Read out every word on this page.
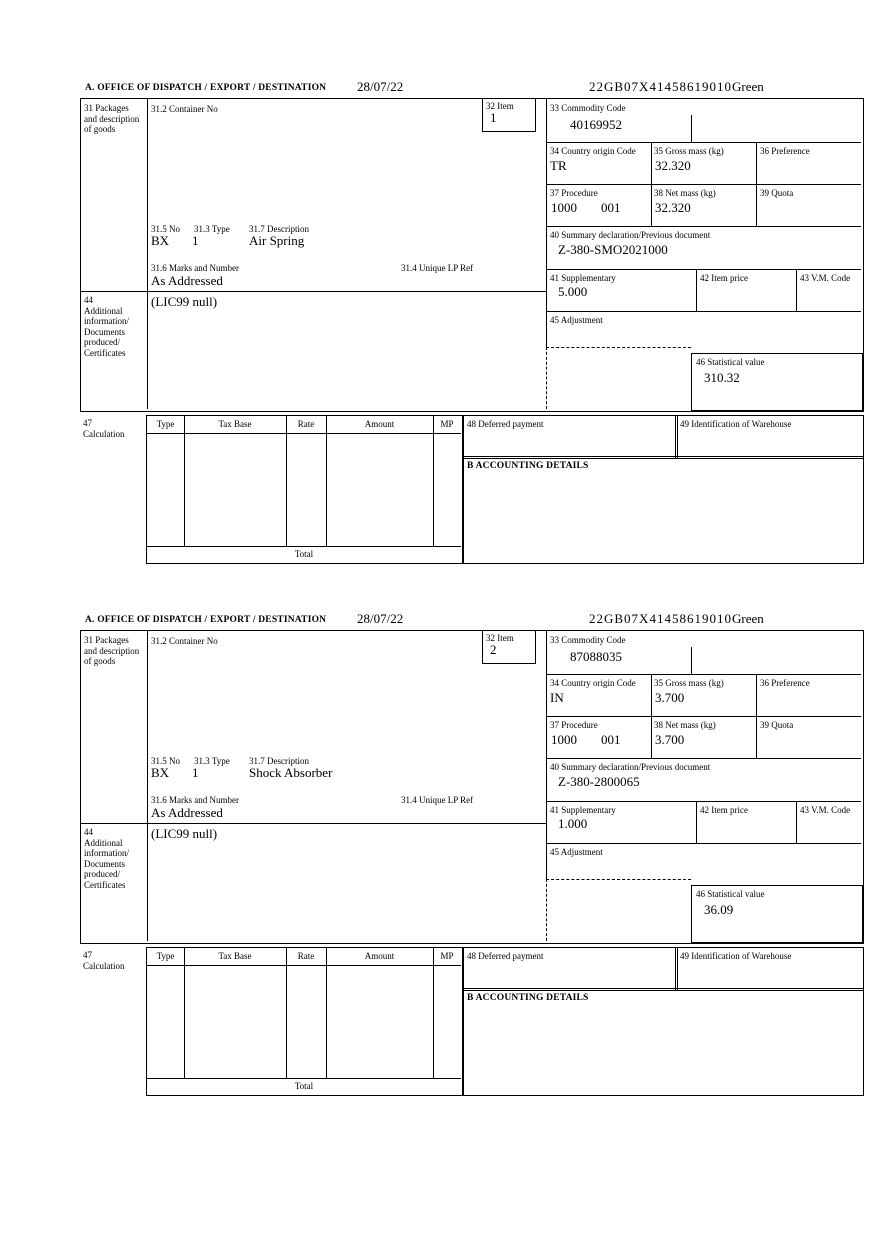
A. OFFICE OF DISPATCH / EXPORT / DESTINATION 28/07/22	22GB07X41458619010 Green
31 Packages and description of goods
44
Additional information/ Documents produced/ Certificates
31.2 Container No	32 Item
1
31.5 No 31.3 Type 31.7 Description
BX 1	Air Spring
31.6 Marks and Number	31.4 Unique LP Ref
As Addressed
(LIC99 null)
33 Commodity Code
40169952
34 Country origin Code
TR
35 Gross mass (kg)
32.320
36 Preference
37 Procedure
1000 001
38 Net mass (kg)
32.320
39 Quota
40 Summary declaration/Previous document
Z-380-SMO2021000
41 Supplementary
5.000
42 Item price	43 V.M. Code
45 Adjustment
46 Statistical value
310.32
47
Calculation
Type	Tax Base	Rate	Amount	MP
Total
48 Deferred payment	49 Identification of Warehouse
B ACCOUNTING DETAILS
A. OFFICE OF DISPATCH / EXPORT / DESTINATION 28/07/22	22GB07X41458619010 Green
31 Packages and description of goods
44
Additional information/ Documents produced/ Certificates
31.2 Container No	32 Item
2
31.5 No 31.3 Type 31.7 Description
BX 1	Shock Absorber
31.6 Marks and Number	31.4 Unique LP Ref
As Addressed
(LIC99 null)
33 Commodity Code
87088035
34 Country origin Code
IN
35 Gross mass (kg)
3.700
36 Preference
37 Procedure
1000 001
38 Net mass (kg)
3.700
39 Quota
40 Summary declaration/Previous document
Z-380-2800065
41 Supplementary
1.000
42 Item price	43 V.M. Code
45 Adjustment
46 Statistical value
36.09
47
Calculation
Type	Tax Base	Rate	Amount	MP
Total
48 Deferred payment	49 Identification of Warehouse
B ACCOUNTING DETAILS
